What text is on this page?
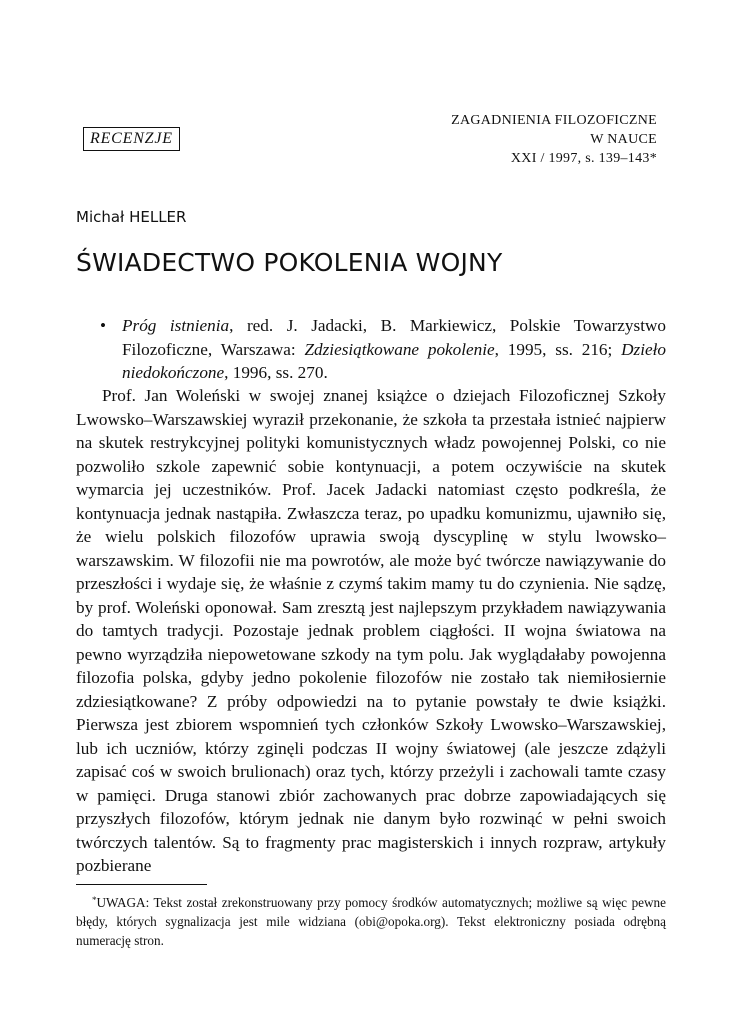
ZAGADNIENIA FILOZOFICZNE
W NAUCE
XXI / 1997, s. 139–143*
RECENZJE
Michał HELLER
ŚWIADECTWO POKOLENIA WOJNY
• Próg istnienia, red. J. Jadacki, B. Markiewicz, Polskie Towarzystwo Filozoficzne, Warszawa: Zdziesiątkowane pokolenie, 1995, ss. 216; Dzieło niedokończone, 1996, ss. 270.

Prof. Jan Woleński w swojej znanej książce o dziejach Filozoficznej Szkoły Lwowsko–Warszawskiej wyraził przekonanie, że szkoła ta przestała istnieć najpierw na skutek restrykcyjnej polityki komunistycznych władz powojennej Polski, co nie pozwoliło szkole zapewnić sobie kontynuacji, a potem oczywiście na skutek wymarcia jej uczestników. Prof. Jacek Jadacki natomiast często podkreśla, że kontynuacja jednak nastąpiła. Zwłaszcza teraz, po upadku komunizmu, ujawniło się, że wielu polskich filozofów uprawia swoją dyscyplinę w stylu lwowsko–warszawskim. W filozofii nie ma powrotów, ale może być twórcze nawiązywanie do przeszłości i wydaje się, że właśnie z czymś takim mamy tu do czynienia. Nie sądzę, by prof. Woleński oponował. Sam zresztą jest najlepszym przykładem nawiązywania do tamtych tradycji. Pozostaje jednak problem ciągłości. II wojna światowa na pewno wyrządziła niepowetowane szkody na tym polu. Jak wyglądałaby powojenna filozofia polska, gdyby jedno pokolenie filozofów nie zostało tak niemiłosiernie zdziesiątkowane? Z próby odpowiedzi na to pytanie powstały te dwie książki. Pierwsza jest zbiorem wspomnień tych członków Szkoły Lwowsko–Warszawskiej, lub ich uczniów, którzy zginęli podczas II wojny światowej (ale jeszcze zdążyli zapisać coś w swoich brulionach) oraz tych, którzy przeżyli i zachowali tamte czasy w pamięci. Druga stanowi zbiór zachowanych prac dobrze zapowiadających się przyszłych filozofów, którym jednak nie danym było rozwinąć w pełni swoich twórczych talentów. Są to fragmenty prac magisterskich i innych rozpraw, artykuły pozbierane

*UWAGA: Tekst został zrekonstruowany przy pomocy środków automatycznych; możliwe są więc pewne błędy, których sygnalizacja jest mile widziana (obi@opoka.org). Tekst elektroniczny posiada odrębną numerację stron.
